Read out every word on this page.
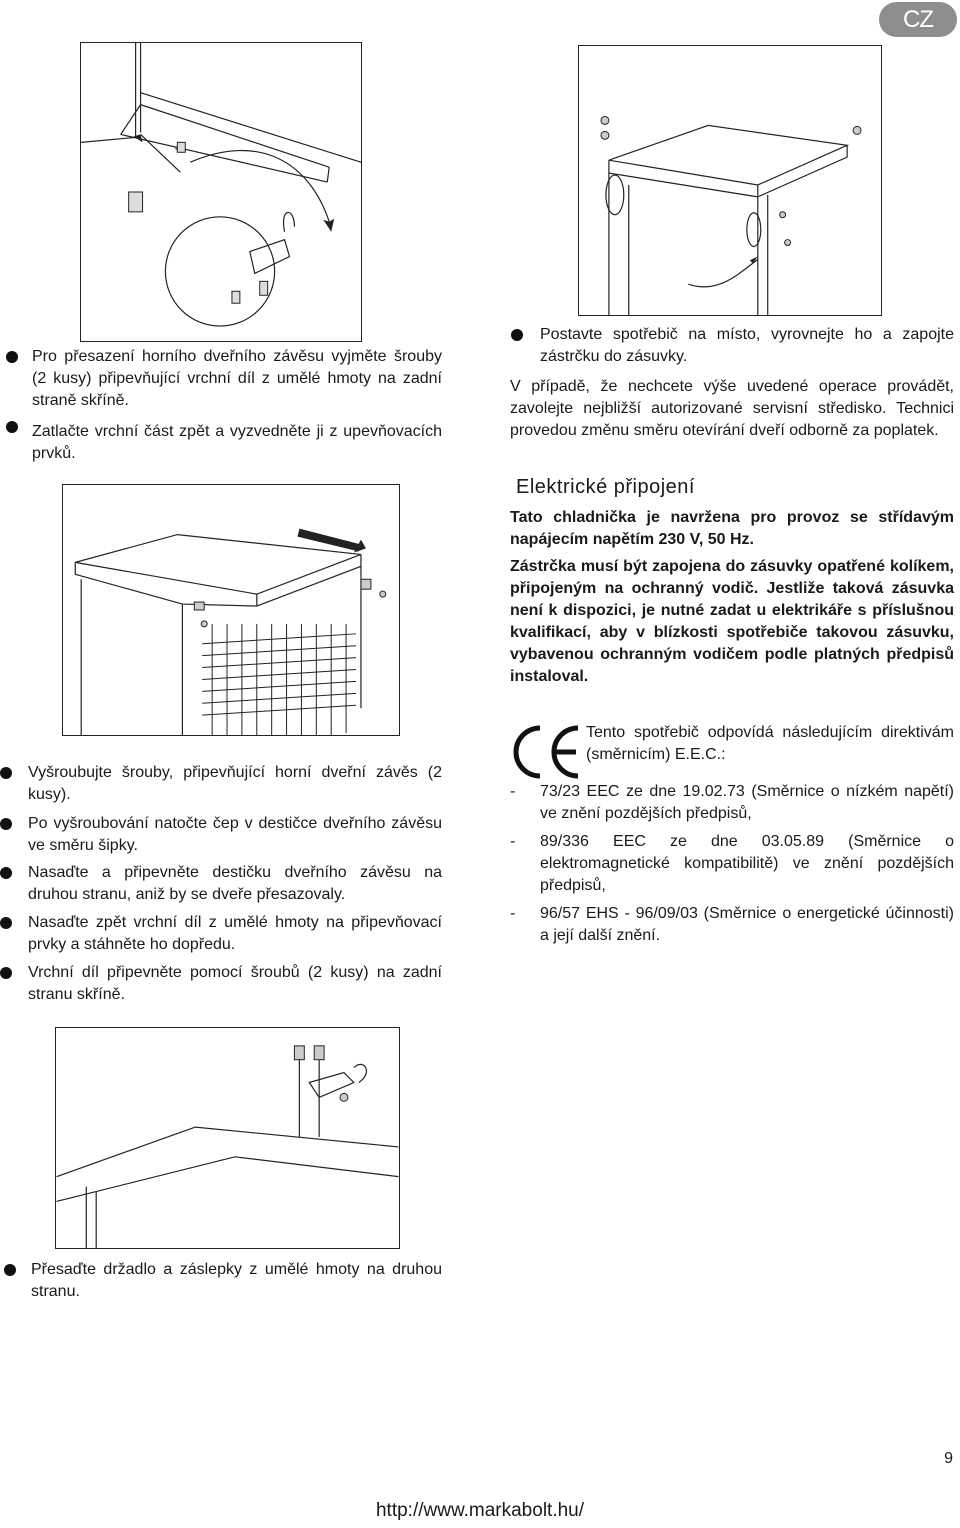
CZ
Pro přesazení horního dveřního závěsu vyjměte šrouby (2 kusy) připevňující vrchní díl z umělé hmoty na zadní straně skříně.
Zatlačte vrchní část zpět a vyzvedněte ji z upevňovacích prvků.
Vyšroubujte šrouby, připevňující horní dveřní závěs (2 kusy).
Po vyšroubování natočte čep v destičce dveřního závěsu ve směru šipky.
Nasaďte a připevněte destičku dveřního závěsu na druhou stranu, aniž by se dveře přesazovaly.
Nasaďte zpět vrchní díl z umělé hmoty na připevňovací prvky a stáhněte ho dopředu.
Vrchní díl připevněte pomocí šroubů (2 kusy) na zadní stranu skříně.
Přesaďte držadlo a záslepky z umělé hmoty na druhou stranu.
Postavte spotřebič na místo, vyrovnejte ho a zapojte zástrčku do zásuvky.
V případě, že nechcete výše uvedené operace provádět, zavolejte nejbližší autorizované servisní středisko. Technici provedou změnu směru otevírání dveří odborně za poplatek.
Elektrické připojení
Tato chladnička je navržena pro provoz se střídavým napájecím napětím 230 V, 50 Hz.
Zástrčka musí být zapojena do zásuvky opatřené kolíkem, připojeným na ochranný vodič. Jestliže taková zásuvka není k dispozici, je nutné zadat u elektrikáře s příslušnou kvalifikací, aby v blízkosti spotřebiče takovou zásuvku, vybavenou ochranným vodičem podle platných předpisů instaloval.
Tento spotřebič odpovídá následujícím direktivám (směrnicím) E.E.C.:
- 73/23 EEC ze dne 19.02.73 (Směrnice o nízkém napětí) ve znění pozdějších předpisů,
- 89/336 EEC ze dne 03.05.89 (Směrnice o elektromagnetické kompatibilitě) ve znění pozdějších předpisů,
- 96/57 EHS - 96/09/03 (Směrnice o energetické účinnosti) a její další znění.
9
http://www.markabolt.hu/
